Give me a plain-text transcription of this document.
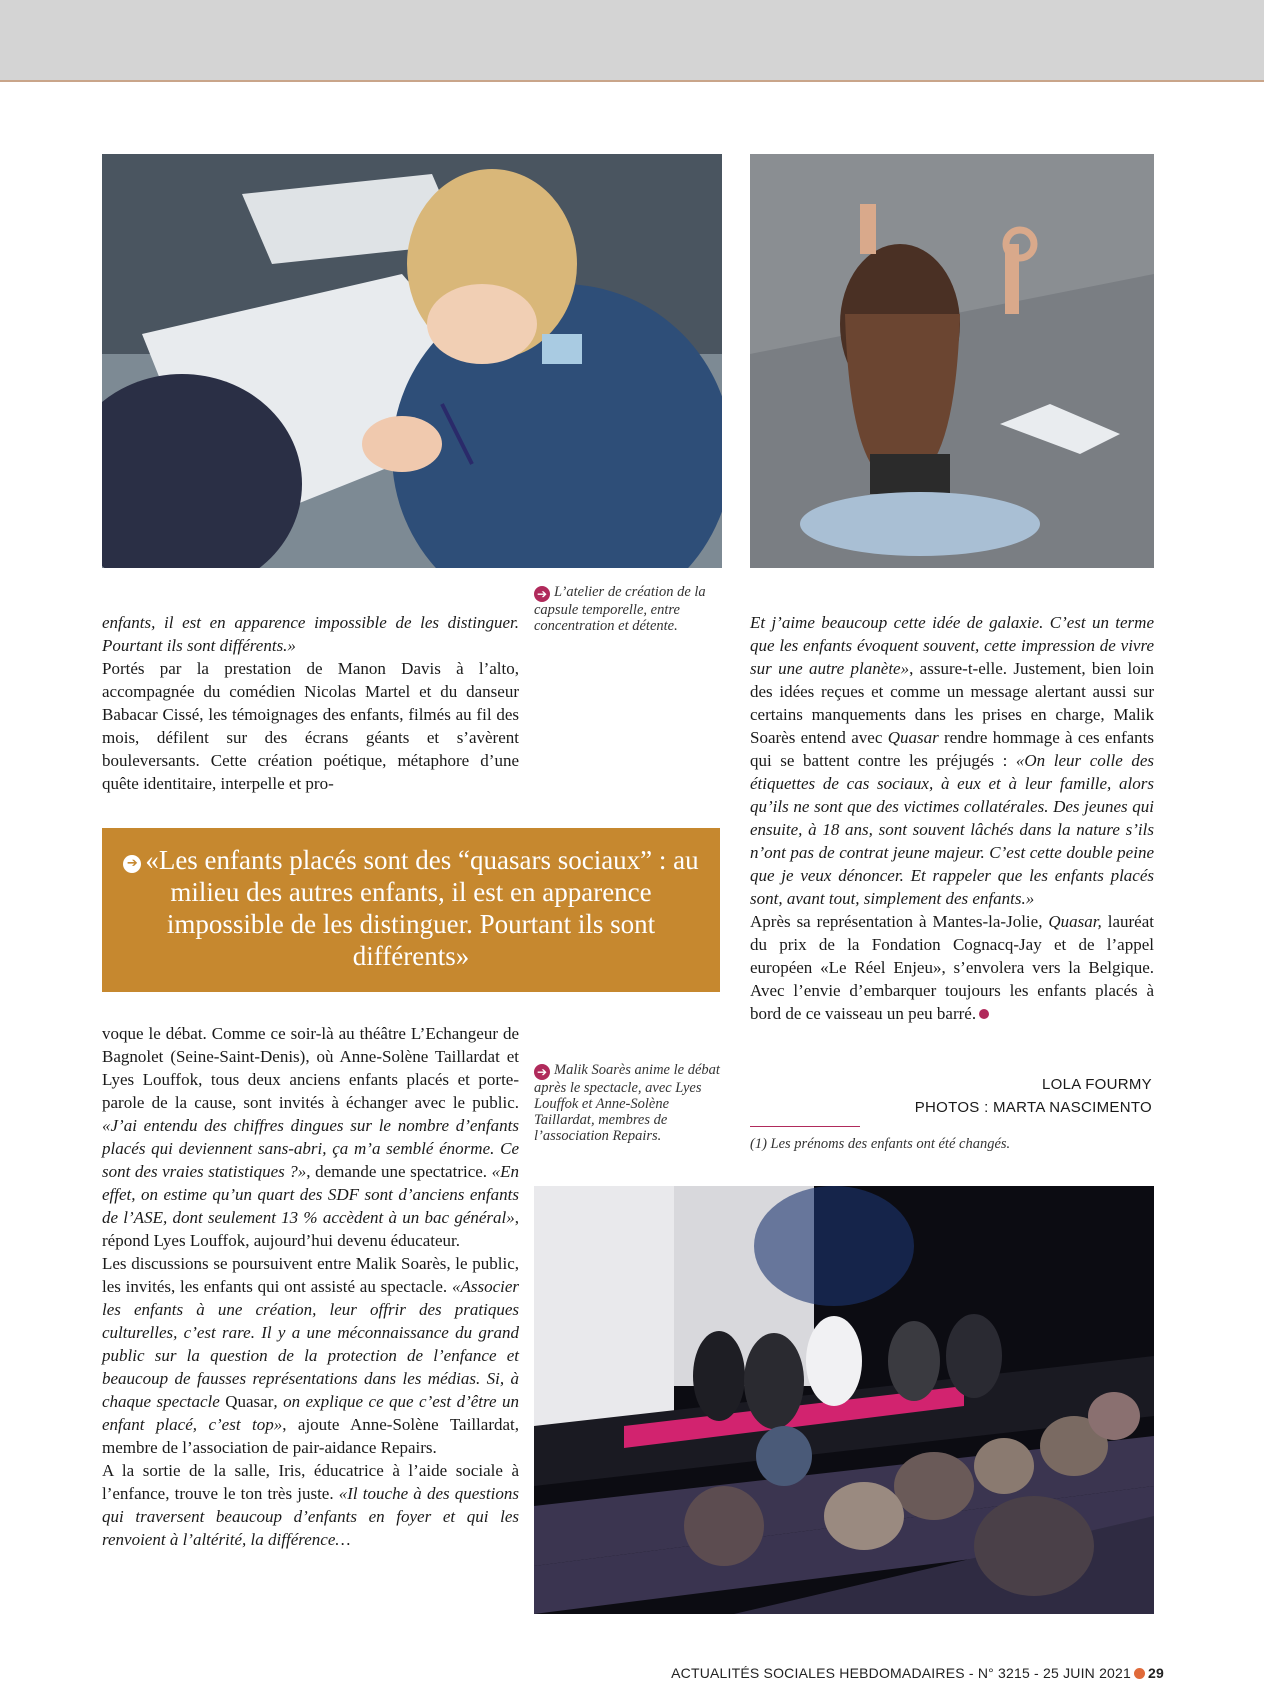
➔ L’atelier de création de la capsule temporelle, entre concentration et détente.

enfants, il est en apparence impossible de les distinguer. Pourtant ils sont différents.»

Portés par la prestation de Manon Davis à l’alto, accompagnée du comédien Nicolas Martel et du danseur Babacar Cissé, les témoignages des enfants, filmés au fil des mois, défilent sur des écrans géants et s’avèrent bouleversants. Cette création poétique, métaphore d’une quête identitaire, interpelle et pro-

Et j’aime beaucoup cette idée de galaxie. C’est un terme que les enfants évoquent souvent, cette impression de vivre sur une autre planète», assure-t-elle. Justement, bien loin des idées reçues et comme un message alertant aussi sur certains manquements dans les prises en charge, Malik Soarès entend avec Quasar rendre hommage à ces enfants qui se battent contre les préjugés : «On leur colle des étiquettes de cas sociaux, à eux et à leur famille, alors qu’ils ne sont que des victimes collatérales. Des jeunes qui ensuite, à 18 ans, sont souvent lâchés dans la nature s’ils n’ont pas de contrat jeune majeur. C’est cette double peine que je veux dénoncer. Et rappeler que les enfants placés sont, avant tout, simplement des enfants.»

Après sa représentation à Mantes-la-Jolie, Quasar, lauréat du prix de la Fondation Cognacq-Jay et de l’appel européen «Le Réel Enjeu», s’envolera vers la Belgique. Avec l’envie d’embarquer toujours les enfants placés à bord de ce vaisseau un peu barré.

➔ «Les enfants placés sont des “quasars sociaux” : au milieu des autres enfants, il est en apparence impossible de les distinguer. Pourtant ils sont différents»

voque le débat. Comme ce soir-là au théâtre L’Echangeur de Bagnolet (Seine-Saint-Denis), où Anne-Solène Taillardat et Lyes Louffok, tous deux anciens enfants placés et porte-parole de la cause, sont invités à échanger avec le public. «J’ai entendu des chiffres dingues sur le nombre d’enfants placés qui deviennent sans-abri, ça m’a semblé énorme. Ce sont des vraies statistiques ?», demande une spectatrice. «En effet, on estime qu’un quart des SDF sont d’anciens enfants de l’ASE, dont seulement 13 % accèdent à un bac général», répond Lyes Louffok, aujourd’hui devenu éducateur.

Les discussions se poursuivent entre Malik Soarès, le public, les invités, les enfants qui ont assisté au spectacle. «Associer les enfants à une création, leur offrir des pratiques culturelles, c’est rare. Il y a une méconnaissance du grand public sur la question de la protection de l’enfance et beaucoup de fausses représentations dans les médias. Si, à chaque spectacle Quasar, on explique ce que c’est d’être un enfant placé, c’est top», ajoute Anne-Solène Taillardat, membre de l’association de pair-aidance Repairs.

A la sortie de la salle, Iris, éducatrice à l’aide sociale à l’enfance, trouve le ton très juste. «Il touche à des questions qui traversent beaucoup d’enfants en foyer et qui les renvoient à l’altérité, la différence…

➔ Malik Soarès anime le débat après le spectacle, avec Lyes Louffok et Anne-Solène Taillardat, membres de l’association Repairs.
LOLA FOURMY
PHOTOS : MARTA NASCIMENTO
(1) Les prénoms des enfants ont été changés.
ACTUALITÉS SOCIALES HEBDOMADAIRES - N° 3215 - 25 JUIN 2021 29
